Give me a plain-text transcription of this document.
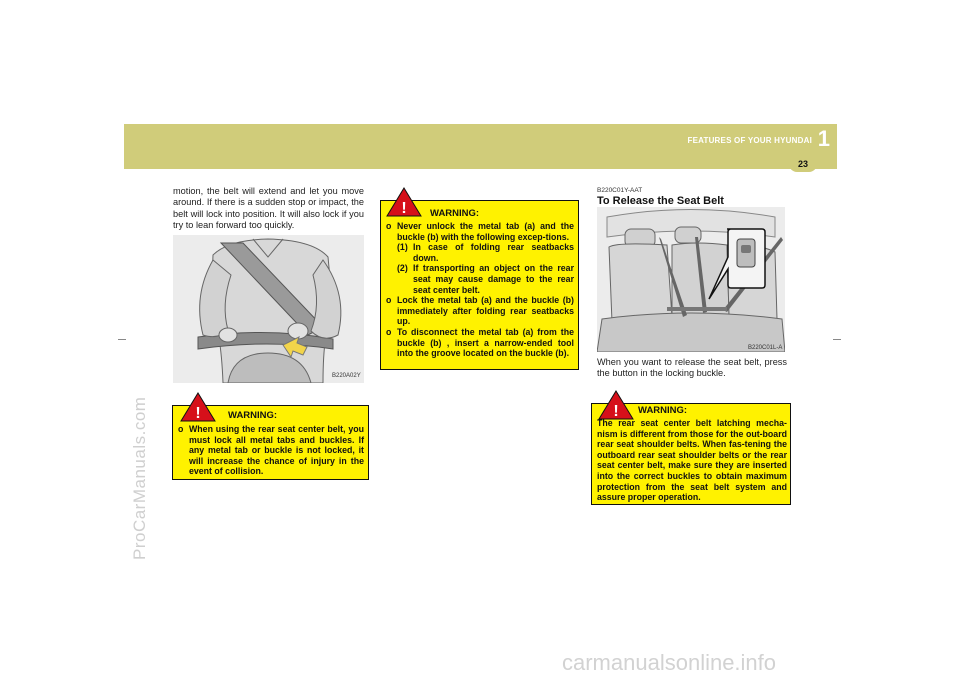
FEATURES OF YOUR HYUNDAI 1
23
ProCarManuals.com
carmanualsonline.info
motion, the belt will extend and let you move around. If there is a sudden stop or impact, the belt will lock into position. It will also lock if you try to lean forward too quickly.
B220A02Y
!	WARNING:
o When using the rear seat center belt, you must lock all metal tabs and buckles. If any metal tab or buckle is not locked, it will increase the chance of injury in the event of collision.
! WARNING:
o Never unlock the metal tab (a) and the buckle (b) with the following excep-tions.
(1) In case of folding rear seatbacks down.
(2) If transporting an object on the rear seat may cause damage to the rear seat center belt.
o Lock the metal tab (a) and the buckle (b) immediately after folding rear seatbacks up.
o To disconnect the metal tab (a) from the buckle (b) , insert a narrow-ended tool into the groove located on the buckle (b).
B220C01Y-AAT
To Release the Seat Belt
B220C01L-A
When you want to release the seat belt, press the button in the locking buckle.
! WARNING:
The rear seat center belt latching mecha-nism is different from those for the out-board rear seat shoulder belts. When fas-tening the outboard rear seat shoulder belts or the rear seat center belt, make sure they are inserted into the correct buckles to obtain maximum protection from the seat belt system and assure proper operation.
